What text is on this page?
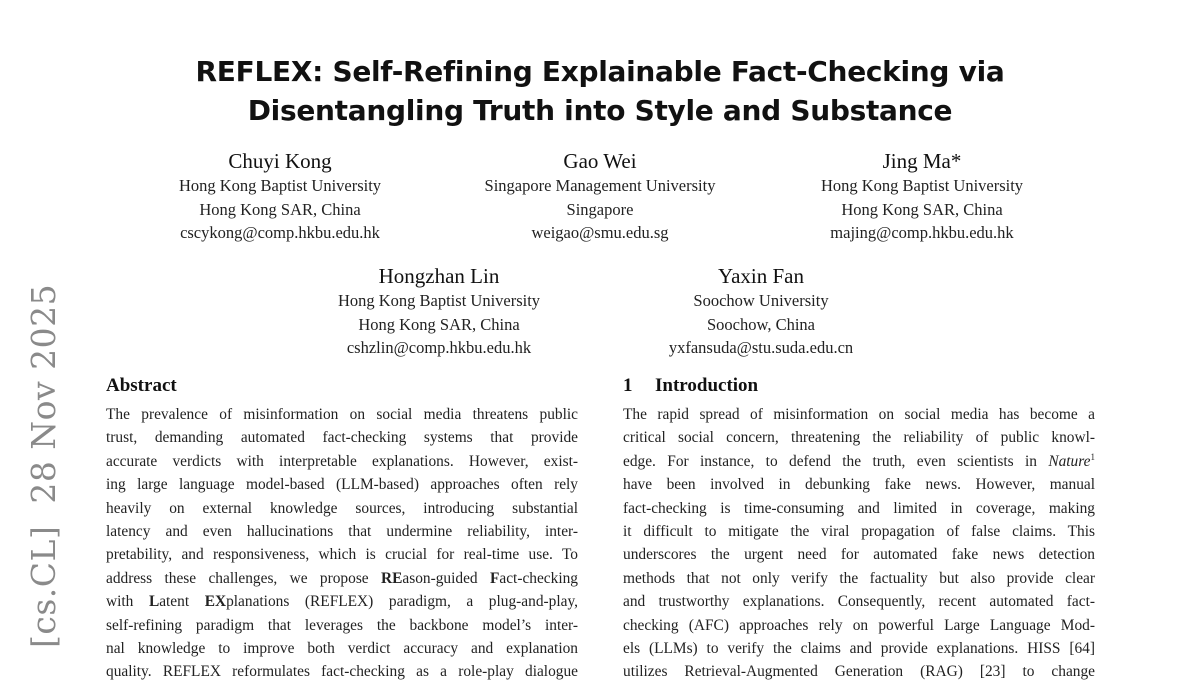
[cs.CL]28 Nov 2025
REFLEX: Self-Refining Explainable Fact-Checking via
Disentangling Truth into Style and Substance
Chuyi Kong
Hong Kong Baptist University
Hong Kong SAR, China
cscykong@comp.hkbu.edu.hk
Gao Wei
Singapore Management University
Singapore
weigao@smu.edu.sg
Jing Ma*
Hong Kong Baptist University
Hong Kong SAR, China
majing@comp.hkbu.edu.hk
Hongzhan Lin
Hong Kong Baptist University
Hong Kong SAR, China
cshzlin@comp.hkbu.edu.hk
Yaxin Fan
Soochow University
Soochow, China
yxfansuda@stu.suda.edu.cn
Abstract
The prevalence of misinformation on social media threatens public
trust, demanding automated fact-checking systems that provide
accurate verdicts with interpretable explanations. However, exist-
ing large language model-based (LLM-based) approaches often rely
heavily on external knowledge sources, introducing substantial
latency and even hallucinations that undermine reliability, inter-
pretability, and responsiveness, which is crucial for real-time use. To
address these challenges, we propose REason-guided Fact-checking
with Latent EXplanations (REFLEX) paradigm, a plug-and-play,
self-refining paradigm that leverages the backbone model’s inter-
nal knowledge to improve both verdict accuracy and explanation
quality. REFLEX reformulates fact-checking as a role-play dialogue
1 Introduction
The rapid spread of misinformation on social media has become a
critical social concern, threatening the reliability of public knowl-
edge. For instance, to defend the truth, even scientists in Nature$^1$
have been involved in debunking fake news. However, manual
fact-checking is time-consuming and limited in coverage, making
it difficult to mitigate the viral propagation of false claims. This
underscores the urgent need for automated fake news detection
methods that not only verify the factuality but also provide clear
and trustworthy explanations. Consequently, recent automated fact-
checking (AFC) approaches rely on powerful Large Language Mod-
els (LLMs) to verify the claims and provide explanations. HISS [64]
utilizes Retrieval-Augmented Generation (RAG) [23] to change
